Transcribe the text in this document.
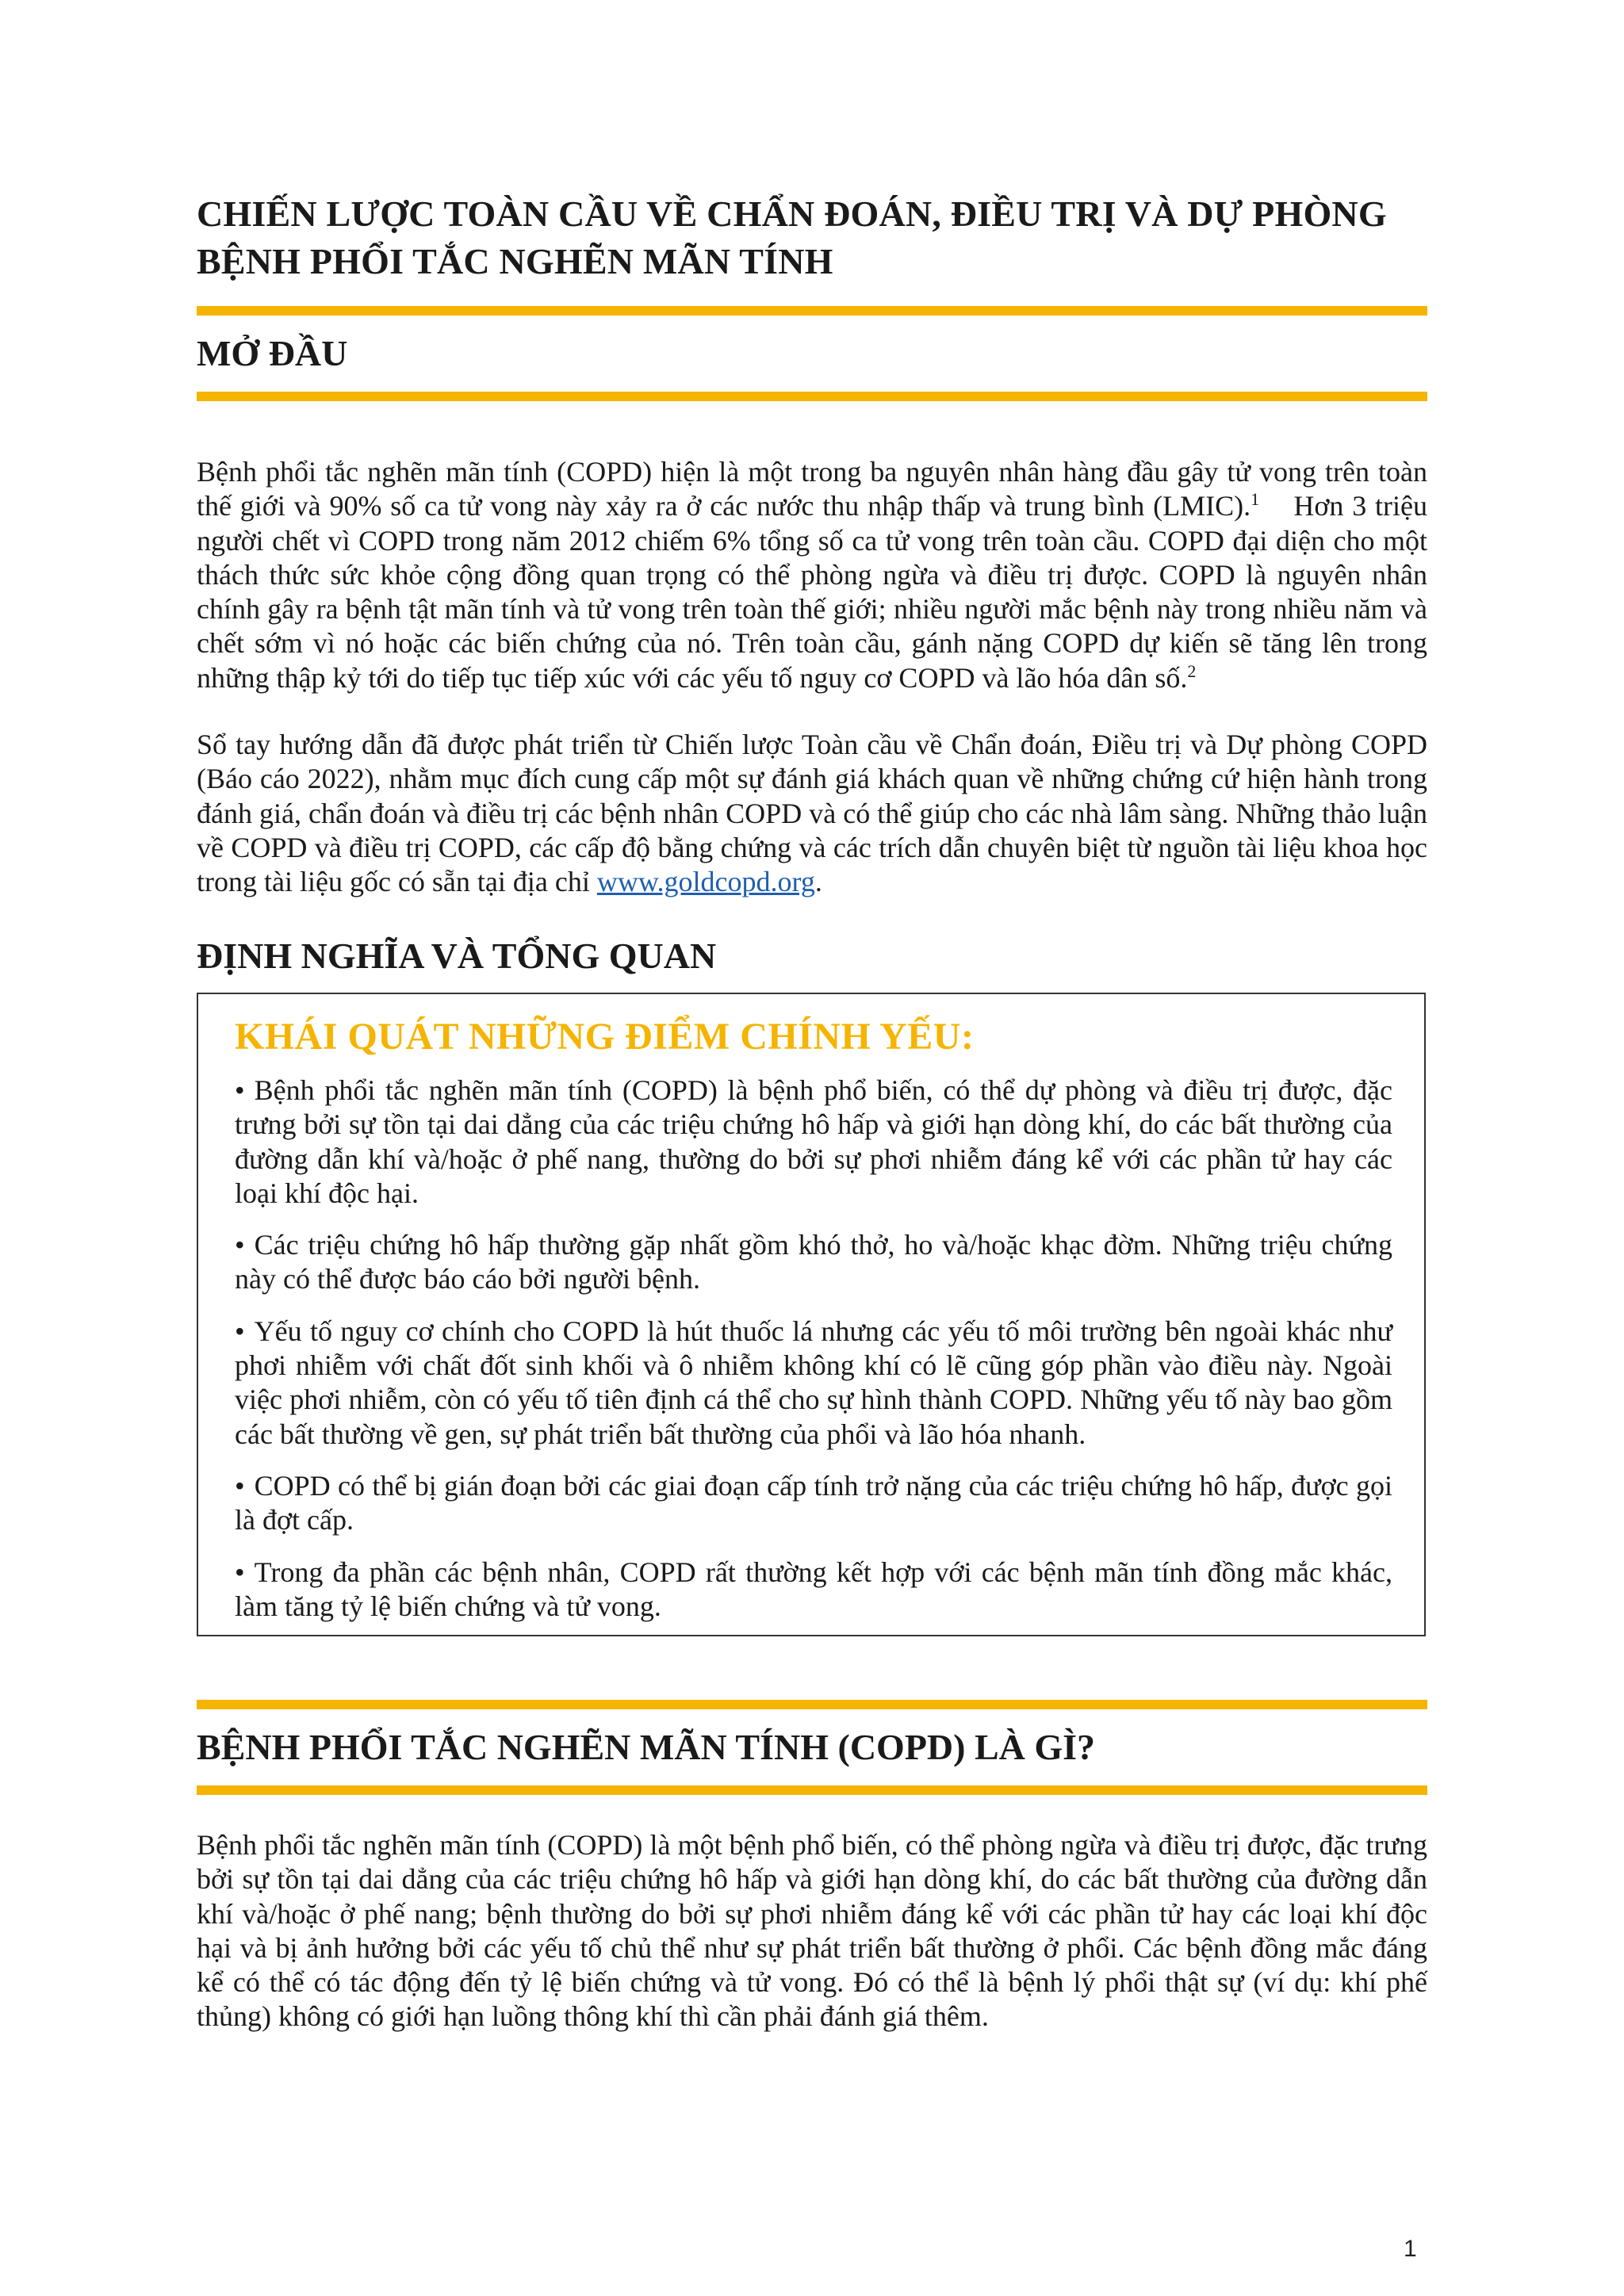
CHIẾN LƯỢC TOÀN CẦU VỀ CHẨN ĐOÁN, ĐIỀU TRỊ VÀ DỰ PHÒNG BỆNH PHỔI TẮC NGHẼN MÃN TÍNH
MỞ ĐẦU

Bệnh phổi tắc nghẽn mãn tính (COPD) hiện là một trong ba nguyên nhân hàng đầu gây tử vong trên toàn thế giới và 90% số ca tử vong này xảy ra ở các nước thu nhập thấp và trung bình (LMIC).$^1$ Hơn 3 triệu người chết vì COPD trong năm 2012 chiếm 6% tổng số ca tử vong trên toàn cầu. COPD đại diện cho một thách thức sức khỏe cộng đồng quan trọng có thể phòng ngừa và điều trị được. COPD là nguyên nhân chính gây ra bệnh tật mãn tính và tử vong trên toàn thế giới; nhiều người mắc bệnh này trong nhiều năm và chết sớm vì nó hoặc các biến chứng của nó. Trên toàn cầu, gánh nặng COPD dự kiến sẽ tăng lên trong những thập kỷ tới do tiếp tục tiếp xúc với các yếu tố nguy cơ COPD và lão hóa dân số.$^2$

Sổ tay hướng dẫn đã được phát triển từ Chiến lược Toàn cầu về Chẩn đoán, Điều trị và Dự phòng COPD (Báo cáo 2022), nhằm mục đích cung cấp một sự đánh giá khách quan về những chứng cứ hiện hành trong đánh giá, chẩn đoán và điều trị các bệnh nhân COPD và có thể giúp cho các nhà lâm sàng. Những thảo luận về COPD và điều trị COPD, các cấp độ bằng chứng và các trích dẫn chuyên biệt từ nguồn tài liệu khoa học trong tài liệu gốc có sẵn tại địa chỉ www.goldcopd.org.

ĐỊNH NGHĨA VÀ TỔNG QUAN
KHÁI QUÁT NHỮNG ĐIỂM CHÍNH YẾU:

• Bệnh phổi tắc nghẽn mãn tính (COPD) là bệnh phổ biến, có thể dự phòng và điều trị được, đặc trưng bởi sự tồn tại dai dẳng của các triệu chứng hô hấp và giới hạn dòng khí, do các bất thường của đường dẫn khí và/hoặc ở phế nang, thường do bởi sự phơi nhiễm đáng kể với các phần tử hay các loại khí độc hại.

• Các triệu chứng hô hấp thường gặp nhất gồm khó thở, ho và/hoặc khạc đờm. Những triệu chứng này có thể được báo cáo bởi người bệnh.

• Yếu tố nguy cơ chính cho COPD là hút thuốc lá nhưng các yếu tố môi trường bên ngoài khác như phơi nhiễm với chất đốt sinh khối và ô nhiễm không khí có lẽ cũng góp phần vào điều này. Ngoài việc phơi nhiễm, còn có yếu tố tiên định cá thể cho sự hình thành COPD. Những yếu tố này bao gồm các bất thường về gen, sự phát triển bất thường của phổi và lão hóa nhanh.

• COPD có thể bị gián đoạn bởi các giai đoạn cấp tính trở nặng của các triệu chứng hô hấp, được gọi là đợt cấp.

• Trong đa phần các bệnh nhân, COPD rất thường kết hợp với các bệnh mãn tính đồng mắc khác, làm tăng tỷ lệ biến chứng và tử vong.

BỆNH PHỔI TẮC NGHẼN MÃN TÍNH (COPD) LÀ GÌ?

Bệnh phổi tắc nghẽn mãn tính (COPD) là một bệnh phổ biến, có thể phòng ngừa và điều trị được, đặc trưng bởi sự tồn tại dai dẳng của các triệu chứng hô hấp và giới hạn dòng khí, do các bất thường của đường dẫn khí và/hoặc ở phế nang; bệnh thường do bởi sự phơi nhiễm đáng kể với các phần tử hay các loại khí độc hại và bị ảnh hưởng bởi các yếu tố chủ thể như sự phát triển bất thường ở phổi. Các bệnh đồng mắc đáng kể có thể có tác động đến tỷ lệ biến chứng và tử vong. Đó có thể là bệnh lý phổi thật sự (ví dụ: khí phế thủng) không có giới hạn luồng thông khí thì cần phải đánh giá thêm.

1
